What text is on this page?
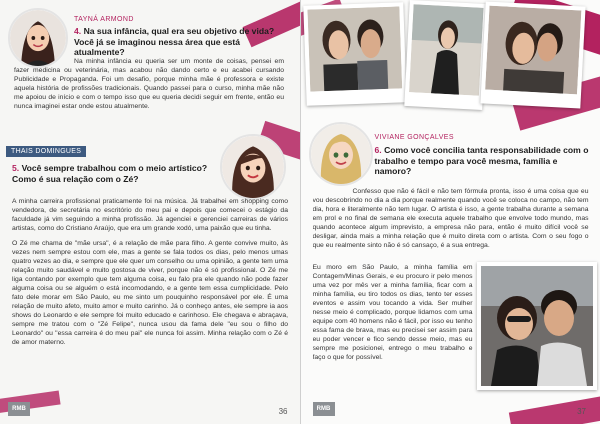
TAYNÁ ARMOND
4. Na sua infância, qual era seu objetivo de vida? Você já se imaginou nessa área que está atualmente?
Na minha infância eu queria ser um monte de coisas, pensei em fazer medicina ou veterinária, mas acabou não dando certo e eu acabei cursando Publicidade e Propaganda. Foi um desafio, porque minha mãe é professora e existe aquela história de profissões tradicionais. Quando passei para o curso, minha mãe não me apoiou de início e com o tempo isso que eu queria decidi seguir em frente, então eu nunca imaginei estar onde estou atualmente.
THAIS DOMINGUES
5. Você sempre trabalhou com o meio artístico? Como é sua relação com o Zé?

A minha carreira profissional praticamente foi na música. Já trabalhei em shopping como vendedora, de secretária no escritório do meu pai e depois que comecei o estágio da faculdade já vim seguindo a minha profissão. Já agenciei e gerenciei carreiras de vários artistas, como do Cristiano Araújo, que era um grande xodó, uma paixão que eu tinha.

O Zé me chama de "mãe ursa", é a relação de mãe para filho. A gente convive muito, às vezes nem sempre estou com ele, mas a gente se fala todos os dias, pelo menos umas quatro vezes ao dia, e sempre que ele quer um conselho ou uma opinião, a gente tem uma relação muito saudável e muito gostosa de viver, porque não é só profissional. O Zé me liga contando por exemplo que tem alguma coisa, eu falo pra ele quando não pode fazer alguma coisa ou se alguém o está incomodando, e a gente tem essa cumplicidade. Pelo fato dele morar em São Paulo, eu me sinto um pouquinho responsável por ele. É uma relação de muito afeto, muito amor e muito carinho. Já o conheço antes, ele sempre ia aos shows do Leonardo e ele sempre foi muito educado e carinhoso. Ele chegava e abraçava, sempre me tratou com o "Zé Felipe", nunca usou da fama dele "eu sou o filho do Leonardo" ou "essa carreira é do meu pai" ele nunca foi assim. Minha relação com o Zé é de amor materno.

RMB	36
VIVIANE GONÇALVES
6. Como você concilia tanta responsabilidade com o trabalho e tempo para você mesma, família e namoro?
Confesso que não é fácil e não tem fórmula pronta, isso é uma coisa que eu vou descobrindo no dia a dia porque realmente quando você se coloca no campo, não tem dia, hora e literalmente não tem lugar. O artista é isso, a gente trabalha durante a semana em prol e no final de semana ele executa aquele trabalho que envolve todo mundo, mas quando acontece algum imprevisto, a empresa não para, então é muito difícil você se desligar, ainda mais a minha relação que é muito direta com o artista. Com o seu fogo o que eu realmente sinto não é só cansaço, é a sua entrega.
Eu moro em São Paulo, a minha família em Contagem/Minas Gerais, e eu procuro ir pelo menos uma vez por mês ver a minha família, ficar com a minha família, eu tiro todos os dias, tento ter esses eventos e assim vou tocando a vida. Ser mulher nesse meio é complicado, porque lidamos com uma equipe com 40 homens não é fácil, por isso eu tenho essa fama de brava, mas eu precisei ser assim para eu poder vencer e fico sendo desse meio, mas eu sempre me posicionei, entrego o meu trabalho e faço o que for possível.
RMB	37
